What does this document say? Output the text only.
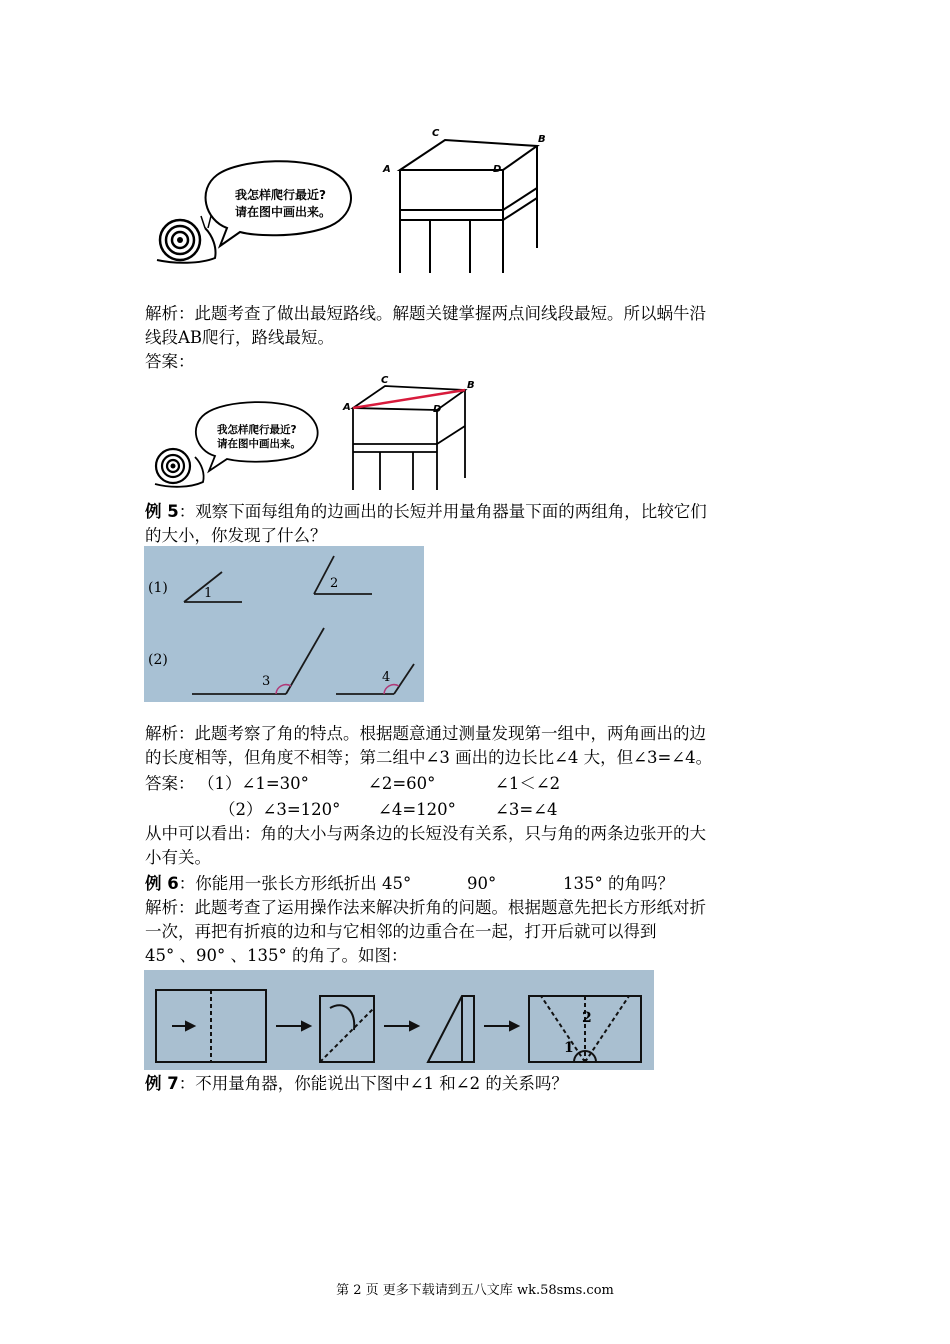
我怎样爬行最近?
请在图中画出来。
A
B
C
D
解析：此题考查了做出最短路线。解题关键掌握两点间线段最短。所以蜗牛沿
线段AB爬行，路线最短。
答案：
我怎样爬行最近?
请在图中画出来。
A
B
C
D
例 5：观察下面每组角的边画出的长短并用量角器量下面的两组角，比较它们
的大小，你发现了什么？
(1)
(2)
1
2
3	4
解析：此题考察了角的特点。根据题意通过测量发现第一组中，两角画出的边
的长度相等，但角度不相等；第二组中∠3 画出的边长比∠4 大，但∠3=∠4。
答案： （1）∠1=30°	∠2=60°	∠1＜∠2
（2）∠3=120° ∠4=120° ∠3=∠4
从中可以看出：角的大小与两条边的长短没有关系，只与角的两条边张开的大
小有关。
例 6：你能用一张长方形纸折出 45°	90°	135° 的角吗？
解析：此题考查了运用操作法来解决折角的问题。根据题意先把长方形纸对折
一次，再把有折痕的边和与它相邻的边重合在一起，打开后就可以得到
45° 、90° 、135° 的角了。如图：
2
1
例 7：不用量角器，你能说出下图中∠1 和∠2 的关系吗？
第 2 页 更多下载请到五八文库 wk.58sms.com
